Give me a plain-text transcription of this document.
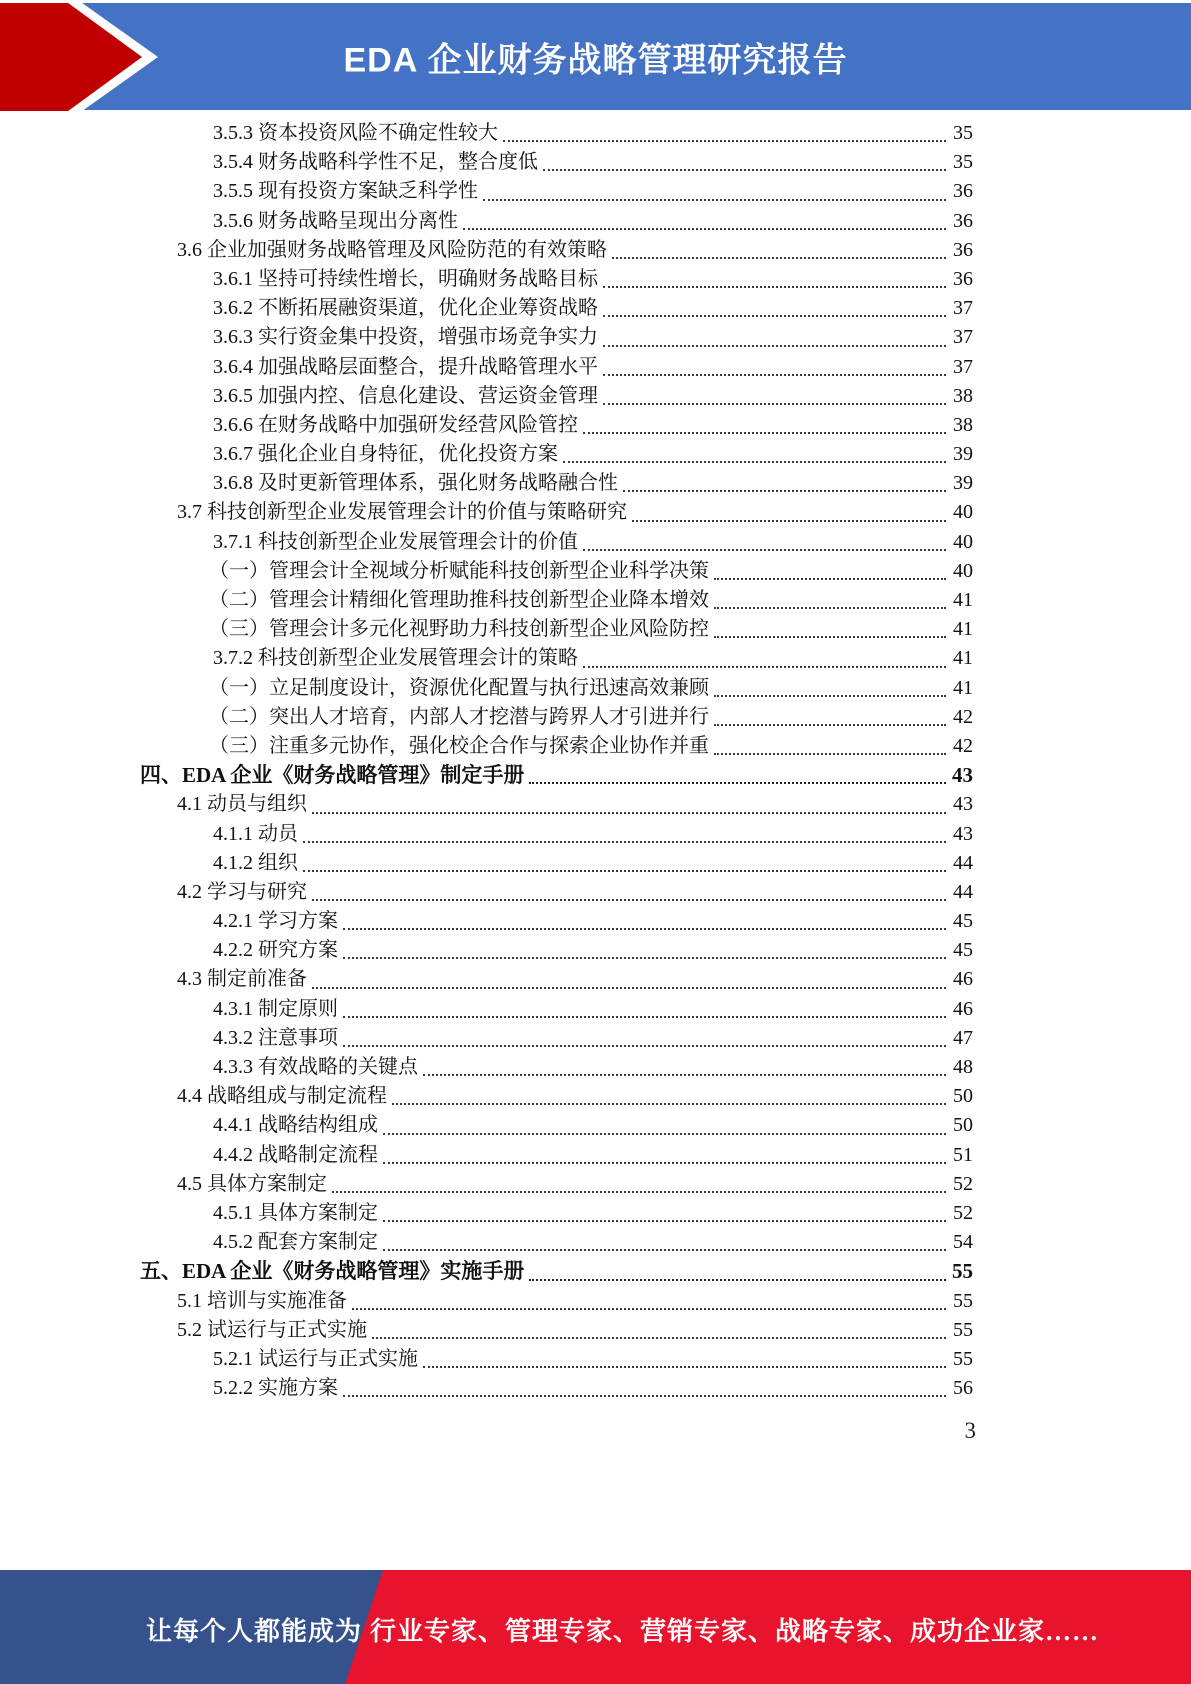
EDA 企业财务战略管理研究报告
3.5.3 资本投资风险不确定性较大	35
3.5.4 财务战略科学性不足，整合度低	35
3.5.5 现有投资方案缺乏科学性	36
3.5.6 财务战略呈现出分离性	36
3.6 企业加强财务战略管理及风险防范的有效策略	36
3.6.1 坚持可持续性增长，明确财务战略目标	36
3.6.2 不断拓展融资渠道，优化企业筹资战略	37
3.6.3 实行资金集中投资，增强市场竞争实力	37
3.6.4 加强战略层面整合，提升战略管理水平	37
3.6.5 加强内控、信息化建设、营运资金管理	38
3.6.6 在财务战略中加强研发经营风险管控	38
3.6.7 强化企业自身特征，优化投资方案	39
3.6.8 及时更新管理体系，强化财务战略融合性	39
3.7 科技创新型企业发展管理会计的价值与策略研究	40
3.7.1 科技创新型企业发展管理会计的价值	40
（一）管理会计全视域分析赋能科技创新型企业科学决策	40
（二）管理会计精细化管理助推科技创新型企业降本增效	41
（三）管理会计多元化视野助力科技创新型企业风险防控	41
3.7.2 科技创新型企业发展管理会计的策略	41
（一）立足制度设计，资源优化配置与执行迅速高效兼顾	41
（二）突出人才培育，内部人才挖潜与跨界人才引进并行	42
（三）注重多元协作，强化校企合作与探索企业协作并重	42
四、EDA 企业《财务战略管理》制定手册	43
4.1 动员与组织	43
4.1.1 动员	43
4.1.2 组织	44
4.2 学习与研究	44
4.2.1 学习方案	45
4.2.2 研究方案	45
4.3 制定前准备	46
4.3.1 制定原则	46
4.3.2 注意事项	47
4.3.3 有效战略的关键点	48
4.4 战略组成与制定流程	50
4.4.1 战略结构组成	50
4.4.2 战略制定流程	51
4.5 具体方案制定	52
4.5.1 具体方案制定	52
4.5.2 配套方案制定	54
五、EDA 企业《财务战略管理》实施手册	55
5.1 培训与实施准备	55
5.2 试运行与正式实施	55
5.2.1 试运行与正式实施	55
5.2.2 实施方案	56
3
让每个人都能成为 行业专家、管理专家、营销专家、战略专家、成功企业家……
